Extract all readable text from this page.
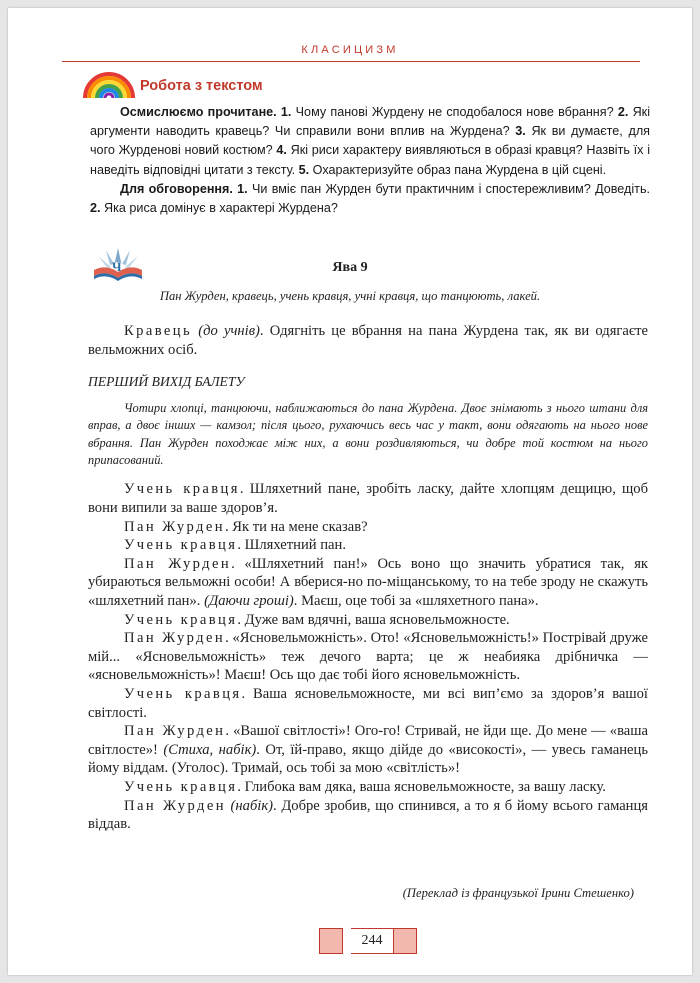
КЛАСИЦИЗМ
Робота з текстом

Осмислюємо прочитане. 1. Чому панові Журдену не сподобалося нове вбрання? 2. Які аргументи наводить кравець? Чи справили вони вплив на Журдена? 3. Як ви думаєте, для чого Журденові новий костюм? 4. Які риси характеру виявляються в образі кравця? Назвіть їх і наведіть відповідні цитати з тексту. 5. Охарактеризуйте образ пана Журдена в цій сцені.

Для обговорення. 1. Чи вміє пан Журден бути практичним і спостережливим? Доведіть. 2. Яка риса домінує в характері Журдена?

Ч	Ява 9
Пан Журден, кравець, учень кравця, учні кравця, що танцюють, лакей.

Кравець (до учнів). Одягніть це вбрання на пана Журдена так, як ви одягаєте вельможних осіб.

ПЕРШИЙ ВИХІД БАЛЕТУ

Чотири хлопці, танцюючи, наближаються до пана Журдена. Двоє знімають з нього штани для вправ, а двоє інших — камзол; після цього, рухаючись весь час у такт, вони одягають на нього нове вбрання. Пан Журден походжає між них, а вони роздивляються, чи добре той костюм на нього припасований.

Учень кравця. Шляхетний пане, зробіть ласку, дайте хлопцям дещицю, щоб вони випили за ваше здоров’я.

Пан Журден. Як ти на мене сказав?

Учень кравця. Шляхетний пан.

Пан Журден. «Шляхетний пан!» Ось воно що значить убратися так, як убираються вельможні особи! А вберися-но по-міщанському, то на тебе зроду не скажуть «шляхетний пан». (Даючи гроші). Маєш, оце тобі за «шляхетного пана».

Учень кравця. Дуже вам вдячні, ваша ясновельможносте.

Пан Журден. «Ясновельможність». Ото! «Ясновельможність!» Пострівай друже мій... «Ясновельможність» теж дечого варта; це ж неабияка дрібничка — «ясновельможність»! Маєш! Ось що дає тобі його ясновельможність.

Учень кравця. Ваша ясновельможносте, ми всі вип’ємо за здоров’я вашої світлості.

Пан Журден. «Вашої світлості»! Ого-го! Стривай, не йди ще. До мене — «ваша світлосте»! (Стиха, набік). От, їй-право, якщо дійде до «високості», — увесь гаманець йому віддам. (Уголос). Тримай, ось тобі за мою «світлість»!

Учень кравця. Глибока вам дяка, ваша ясновельможносте, за вашу ласку.

Пан Журден (набік). Добре зробив, що спинився, а то я б йому всього гаманця віддав.

(Переклад із французької Ірини Стешенко)
244
